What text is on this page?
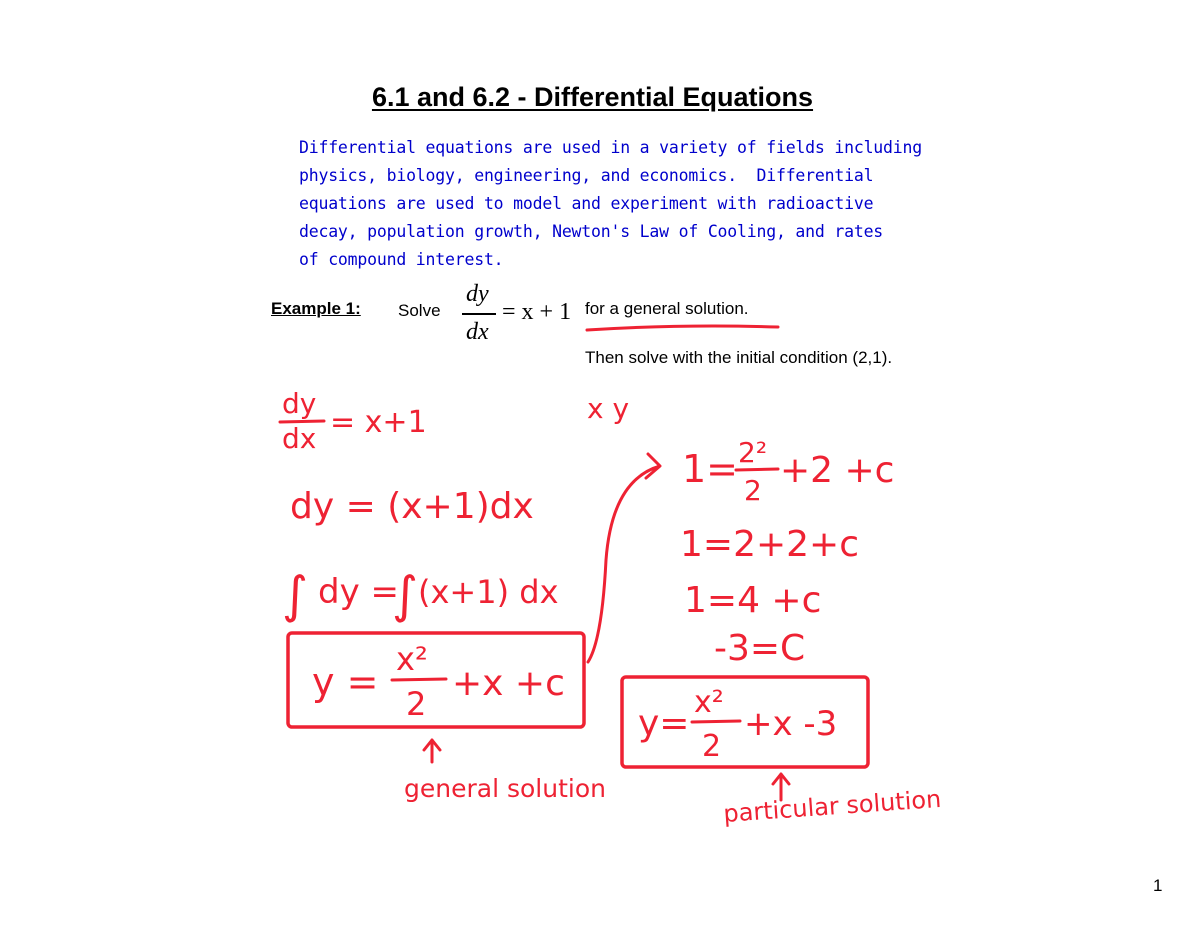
6.1 and 6.2 - Differential Equations
Differential equations are used in a variety of fields including
physics, biology, engineering, and economics.  Differential
equations are used to model and experiment with radioactive
decay, population growth, Newton's Law of Cooling, and rates
of compound interest.
Example 1: Solve
dy
dx
= x + 1 for a general solution.
Then solve with the initial condition (2,1).
x y
dy
dx = x+1
dy = (x+1)dx
∫ dy =
∫ (x+1) dx
y =
x²
2 +x +c
general solution
1= 2²
2 +2 +c
1=2+2+c
1=4 +c
-3=C
y=
x²
2
+x -3
particular solution
1
